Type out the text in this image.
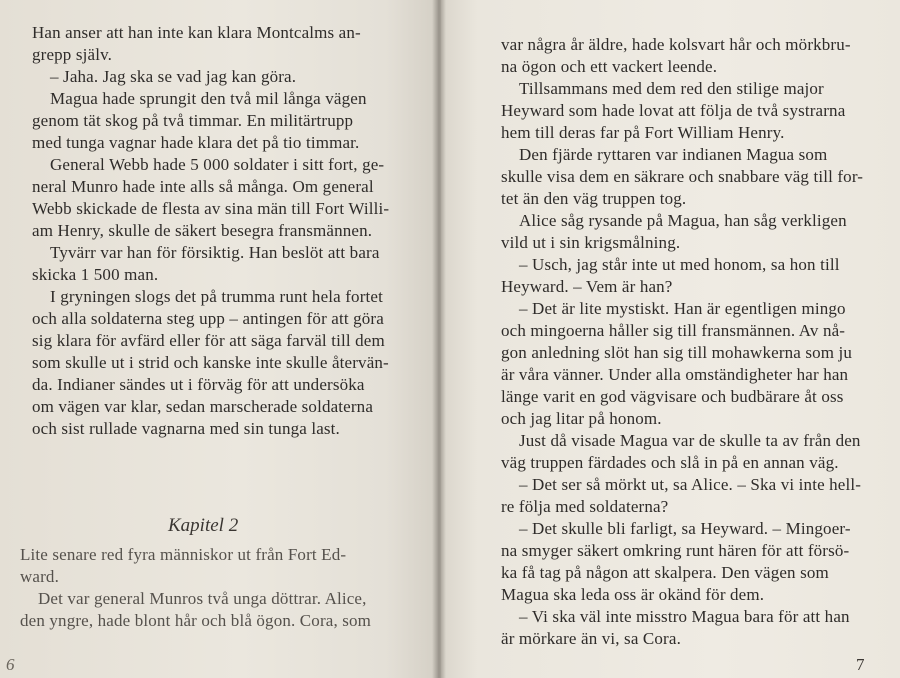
Han anser att han inte kan klara Montcalms an-
grepp själv.
– Jaha. Jag ska se vad jag kan göra.
Magua hade sprungit den två mil långa vägen
genom tät skog på två timmar. En militärtrupp
med tunga vagnar hade klara det på tio timmar.
General Webb hade 5 000 soldater i sitt fort, ge-
neral Munro hade inte alls så många. Om general
Webb skickade de flesta av sina män till Fort Willi-
am Henry, skulle de säkert besegra fransmännen.
Tyvärr var han för försiktig. Han beslöt att bara
skicka 1 500 man.
I gryningen slogs det på trumma runt hela fortet
och alla soldaterna steg upp – antingen för att göra
sig klara för avfärd eller för att säga farväl till dem
som skulle ut i strid och kanske inte skulle återvän-
da. Indianer sändes ut i förväg för att undersöka
om vägen var klar, sedan marscherade soldaterna
och sist rullade vagnarna med sin tunga last.
Kapitel 2
Lite senare red fyra människor ut från Fort Ed-
ward.
Det var general Munros två unga döttrar. Alice,
den yngre, hade blont hår och blå ögon. Cora, som
6
var några år äldre, hade kolsvart hår och mörkbru-
na ögon och ett vackert leende.
Tillsammans med dem red den stilige major
Heyward som hade lovat att följa de två systrarna
hem till deras far på Fort William Henry.
Den fjärde ryttaren var indianen Magua som
skulle visa dem en säkrare och snabbare väg till for-
tet än den väg truppen tog.
Alice såg rysande på Magua, han såg verkligen
vild ut i sin krigsmålning.
– Usch, jag står inte ut med honom, sa hon till
Heyward. – Vem är han?
– Det är lite mystiskt. Han är egentligen mingo
och mingoerna håller sig till fransmännen. Av nå-
gon anledning slöt han sig till mohawkerna som ju
är våra vänner. Under alla omständigheter har han
länge varit en god vägvisare och budbärare åt oss
och jag litar på honom.
Just då visade Magua var de skulle ta av från den
väg truppen färdades och slå in på en annan väg.
– Det ser så mörkt ut, sa Alice. – Ska vi inte hell-
re följa med soldaterna?
– Det skulle bli farligt, sa Heyward. – Mingoer-
na smyger säkert omkring runt hären för att försö-
ka få tag på någon att skalpera. Den vägen som
Magua ska leda oss är okänd för dem.
– Vi ska väl inte misstro Magua bara för att han
är mörkare än vi, sa Cora.
7
